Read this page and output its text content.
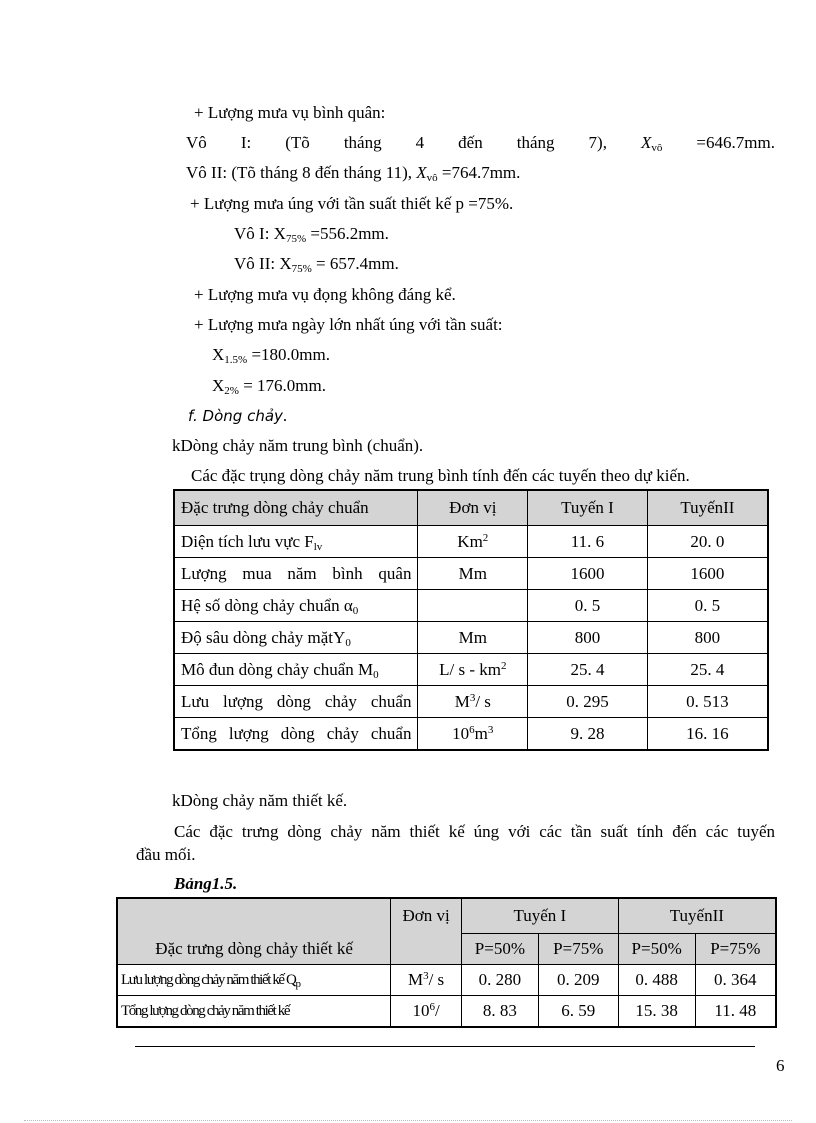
+ Lượng mưa vụ bình quân:
Vô I: (Tõ tháng 4 đến tháng 7), $X_{vô} =646.7mm$.
Vô II: (Tõ tháng 8 đến tháng 11), $X_{vô} =764.7mm$.
+ Lượng mưa úng với tần suất thiết kế p =75%.
Vô I: $X_{75\%} =556.2mm$.
Vô II: $X_{75\%} = 657.4mm$.
+ Lượng mưa vụ đọng không đáng kể.
+ Lượng mưa ngày lớn nhất úng với tần suất:
$X_{1.5\%} =180.0mm$.
$X_{2\%} = 176.0mm$.
f. Dòng chảy.
kDòng chảy năm trung bình (chuẩn).
Các đặc trụng dòng chảy năm trung bình tính đến các tuyến theo dự kiến.
Đặc trưng dòng chảy chuẩn	Đơn vị	Tuyến I	TuyếnII
Diện tích lưu vực $F_{lv}$	Km$^2$	11. 6	20. 0
Lượng mua năm bình quân	Mm	1600	1600
Hệ số dòng chảy chuẩn $\alpha_0$		0. 5	0. 5
Độ sâu dòng chảy mặtY$_0$	Mm	800	800
Mô đun dòng chảy chuẩn $M_0$	L/ s - $km^2$	25. 4	25. 4
Lưu lượng dòng chảy chuẩn	$M^3/$ s	0. 295	0. 513
Tổng lượng dòng chảy chuẩn	$10^6m^3$	9. 28	16. 16
kDòng chảy năm thiết kế.
Các đặc trưng dòng chảy năm thiết kế úng với các tần suất tính đến các tuyến
đầu mối.
Bảng1.5.
Đặc trưng dòng chảy thiết kế	Đơn vị	Tuyến I		TuyếnII	
		P=50%	P=75%	P=50%	P=75%
Lưu lượng dòng chảy năm thiết kế $Q_p$	$M^3/$ s	0. 280	0. 209	0. 488	0. 364
Tổng lượng dòng chảy năm thiết kế	$10^6/$	8. 83	6. 59	15. 38	11. 48
6
